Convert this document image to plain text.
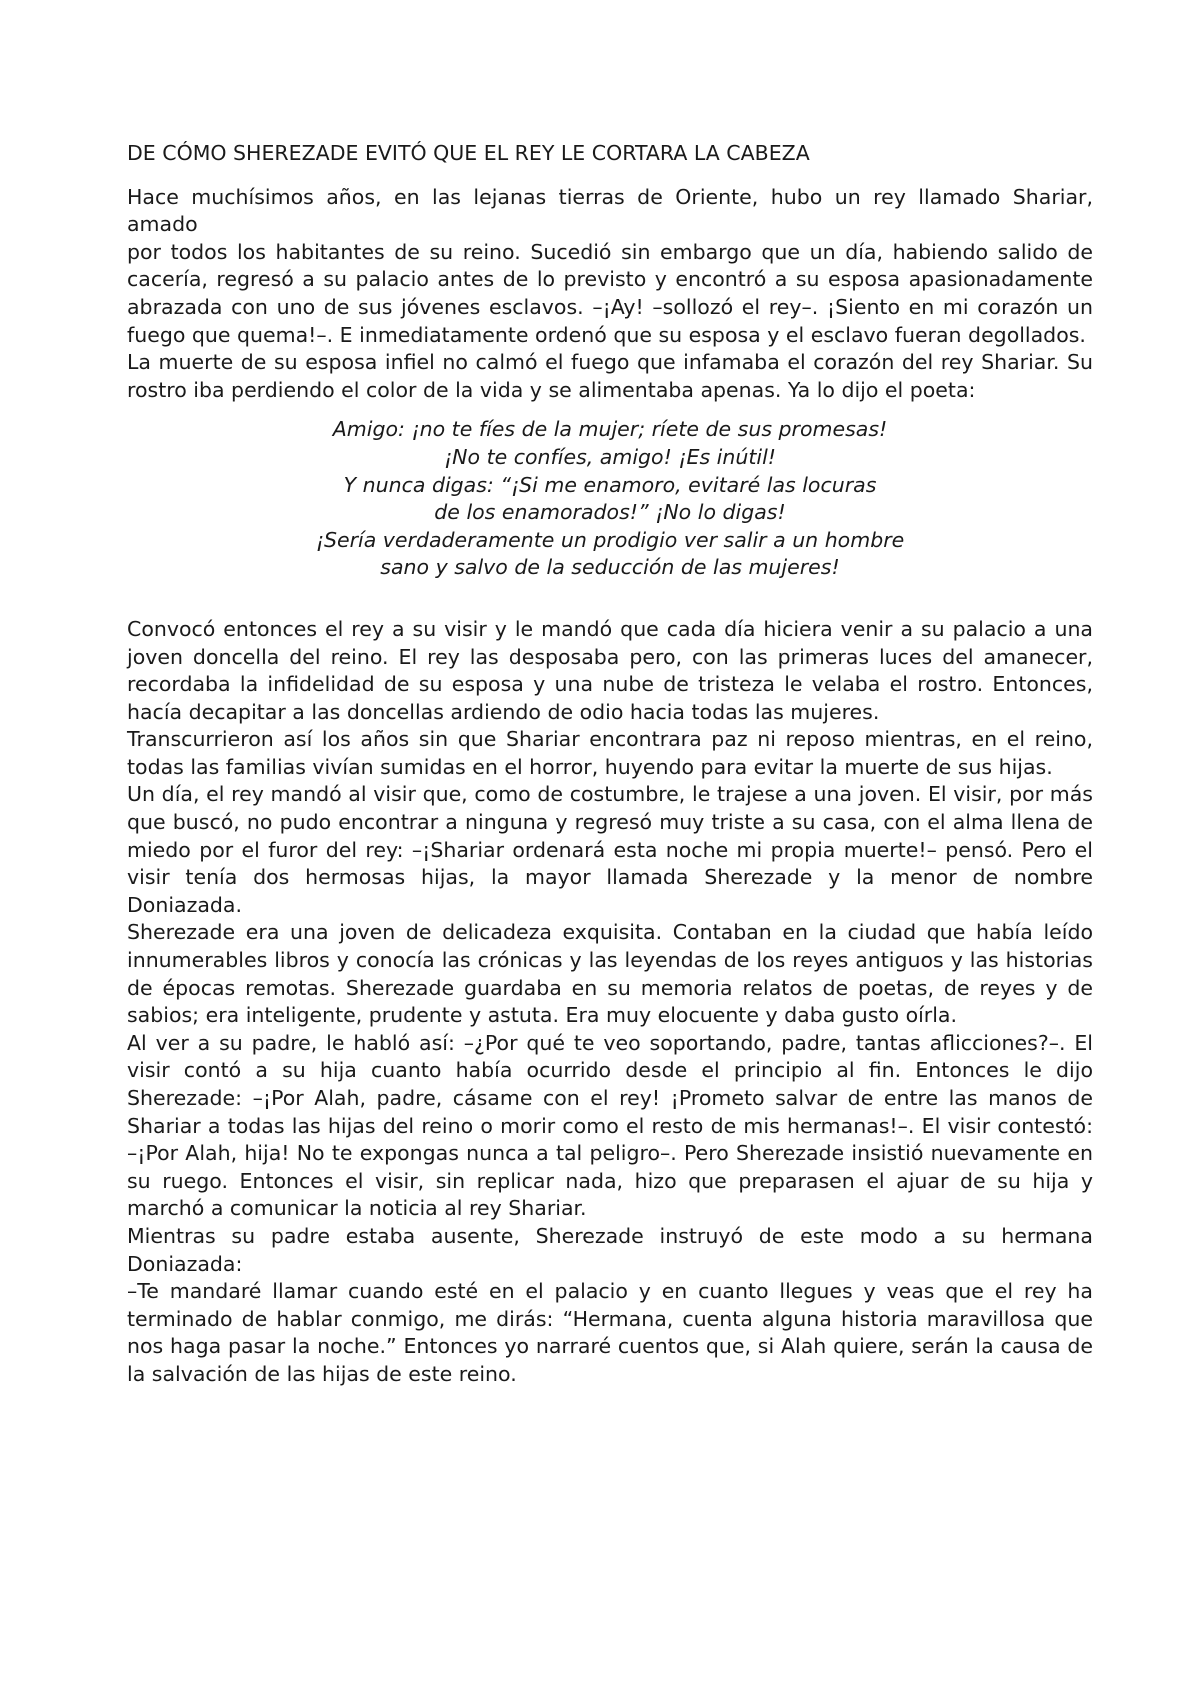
DE CÓMO SHEREZADE EVITÓ QUE EL REY LE CORTARA LA CABEZA

Hace muchísimos años, en las lejanas tierras de Oriente, hubo un rey llamado Shariar, amado

por todos los habitantes de su reino. Sucedió sin embargo que un día, habiendo salido de cacería, regresó a su palacio antes de lo previsto y encontró a su esposa apasionadamente abrazada con uno de sus jóvenes esclavos. –¡Ay! –sollozó el rey–. ¡Siento en mi corazón un fuego que quema!–. E inmediatamente ordenó que su esposa y el esclavo fueran degollados.

La muerte de su esposa infiel no calmó el fuego que infamaba el corazón del rey Shariar. Su rostro iba perdiendo el color de la vida y se alimentaba apenas. Ya lo dijo el poeta:

Amigo: ¡no te fíes de la mujer; ríete de sus promesas!
¡No te confíes, amigo! ¡Es inútil!
Y nunca digas: “¡Si me enamoro, evitaré las locuras
de los enamorados!” ¡No lo digas!
¡Sería verdaderamente un prodigio ver salir a un hombre
sano y salvo de la seducción de las mujeres!

Convocó entonces el rey a su visir y le mandó que cada día hiciera venir a su palacio a una joven doncella del reino. El rey las desposaba pero, con las primeras luces del amanecer, recordaba la infidelidad de su esposa y una nube de tristeza le velaba el rostro. Entonces, hacía decapitar a las doncellas ardiendo de odio hacia todas las mujeres.

Transcurrieron así los años sin que Shariar encontrara paz ni reposo mientras, en el reino, todas las familias vivían sumidas en el horror, huyendo para evitar la muerte de sus hijas.

Un día, el rey mandó al visir que, como de costumbre, le trajese a una joven. El visir, por más que buscó, no pudo encontrar a ninguna y regresó muy triste a su casa, con el alma llena de miedo por el furor del rey: –¡Shariar ordenará esta noche mi propia muerte!– pensó. Pero el visir tenía dos hermosas hijas, la mayor llamada Sherezade y la menor de nombre Doniazada.

Sherezade era una joven de delicadeza exquisita. Contaban en la ciudad que había leído innumerables libros y conocía las crónicas y las leyendas de los reyes antiguos y las historias de épocas remotas. Sherezade guardaba en su memoria relatos de poetas, de reyes y de sabios; era inteligente, prudente y astuta. Era muy elocuente y daba gusto oírla.

Al ver a su padre, le habló así: –¿Por qué te veo soportando, padre, tantas aflicciones?–. El visir contó a su hija cuanto había ocurrido desde el principio al fin. Entonces le dijo Sherezade: –¡Por Alah, padre, cásame con el rey! ¡Prometo salvar de entre las manos de Shariar a todas las hijas del reino o morir como el resto de mis hermanas!–. El visir contestó: –¡Por Alah, hija! No te expongas nunca a tal peligro–. Pero Sherezade insistió nuevamente en su ruego. Entonces el visir, sin replicar nada, hizo que preparasen el ajuar de su hija y marchó a comunicar la noticia al rey Shariar.

Mientras su padre estaba ausente, Sherezade instruyó de este modo a su hermana Doniazada:

–Te mandaré llamar cuando esté en el palacio y en cuanto llegues y veas que el rey ha terminado de hablar conmigo, me dirás: “Hermana, cuenta alguna historia maravillosa que nos haga pasar la noche.” Entonces yo narraré cuentos que, si Alah quiere, serán la causa de la salvación de las hijas de este reino.
